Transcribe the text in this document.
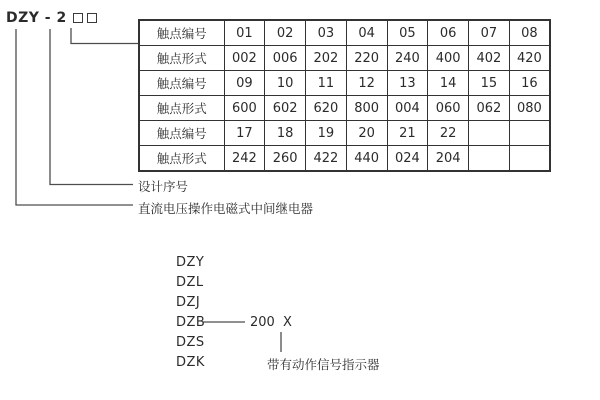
DZY - 2
触点编号	01	02	03	04	05	06	07	08
触点形式	002	006	202	220	240	400	402	420
触点编号	09	10	11	12	13	14	15	16
触点形式	600	602	620	800	004	060	062	080
触点编号	17	18	19	20	21	22		
触点形式	242	260	422	440	024	204		
设计序号
直流电压操作电磁式中间继电器
DZY
DZL
DZJ
DZB
DZS
DZK
200 X
带有动作信号指示器
